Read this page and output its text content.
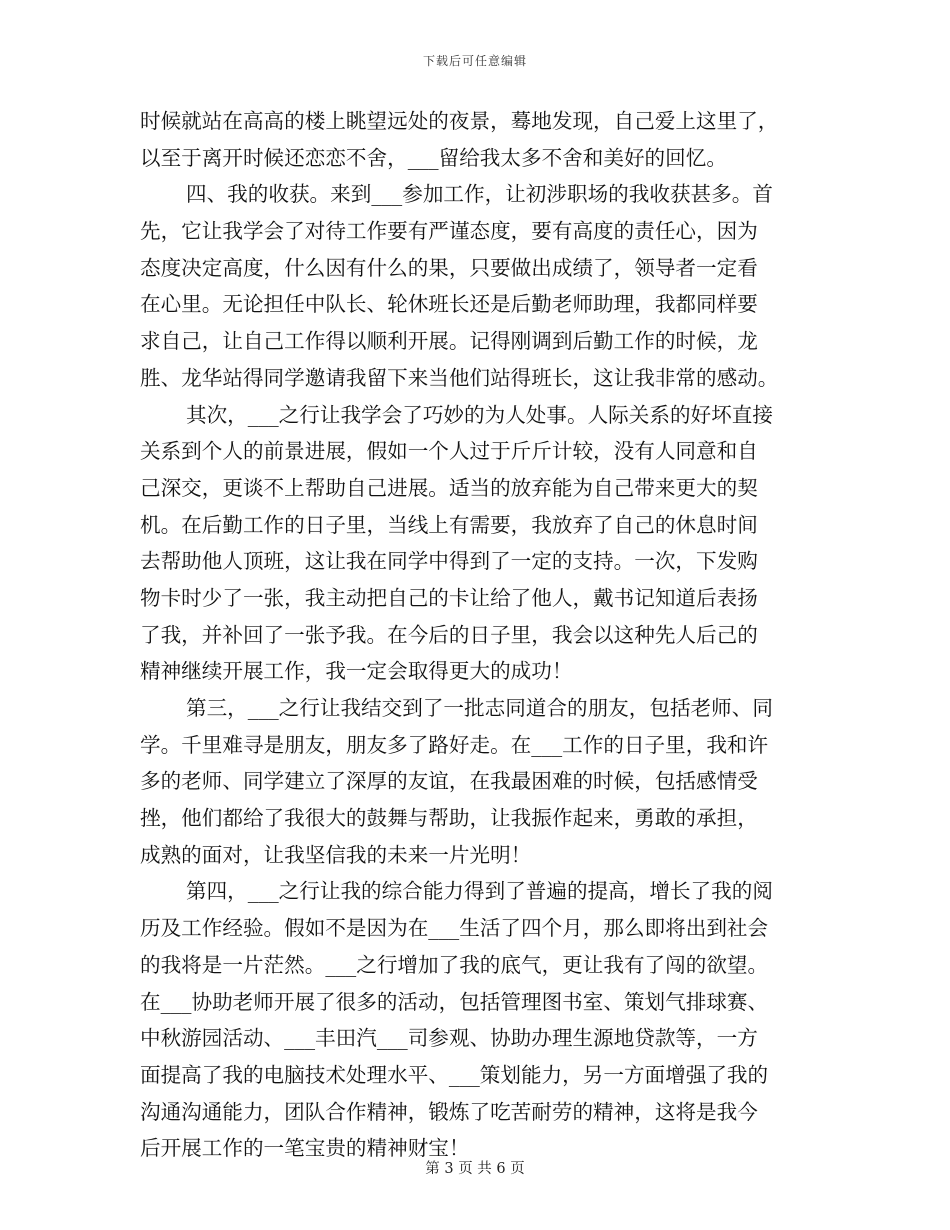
下载后可任意编辑
时候就站在高高的楼上眺望远处的夜景，蓦地发现，自己爱上这里了，
以至于离开时候还恋恋不舍，___留给我太多不舍和美好的回忆。
四、我的收获。来到___参加工作，让初涉职场的我收获甚多。首
先，它让我学会了对待工作要有严谨态度，要有高度的责任心，因为
态度决定高度，什么因有什么的果，只要做出成绩了，领导者一定看
在心里。无论担任中队长、轮休班长还是后勤老师助理，我都同样要
求自己，让自己工作得以顺利开展。记得刚调到后勤工作的时候，龙
胜、龙华站得同学邀请我留下来当他们站得班长，这让我非常的感动。
其次，___之行让我学会了巧妙的为人处事。人际关系的好坏直接
关系到个人的前景进展，假如一个人过于斤斤计较，没有人同意和自
己深交，更谈不上帮助自己进展。适当的放弃能为自己带来更大的契
机。在后勤工作的日子里，当线上有需要，我放弃了自己的休息时间
去帮助他人顶班，这让我在同学中得到了一定的支持。一次，下发购
物卡时少了一张，我主动把自己的卡让给了他人，戴书记知道后表扬
了我，并补回了一张予我。在今后的日子里，我会以这种先人后己的
精神继续开展工作，我一定会取得更大的成功！
第三，___之行让我结交到了一批志同道合的朋友，包括老师、同
学。千里难寻是朋友，朋友多了路好走。在___工作的日子里，我和许
多的老师、同学建立了深厚的友谊，在我最困难的时候，包括感情受
挫，他们都给了我很大的鼓舞与帮助，让我振作起来，勇敢的承担，
成熟的面对，让我坚信我的未来一片光明！
第四，___之行让我的综合能力得到了普遍的提高，增长了我的阅
历及工作经验。假如不是因为在___生活了四个月，那么即将出到社会
的我将是一片茫然。___之行增加了我的底气，更让我有了闯的欲望。
在___协助老师开展了很多的活动，包括管理图书室、策划气排球赛、
中秋游园活动、___丰田汽___司参观、协助办理生源地贷款等，一方
面提高了我的电脑技术处理水平、___策划能力，另一方面增强了我的
沟通沟通能力，团队合作精神，锻炼了吃苦耐劳的精神，这将是我今
后开展工作的一笔宝贵的精神财宝！
第 3 页 共 6 页
